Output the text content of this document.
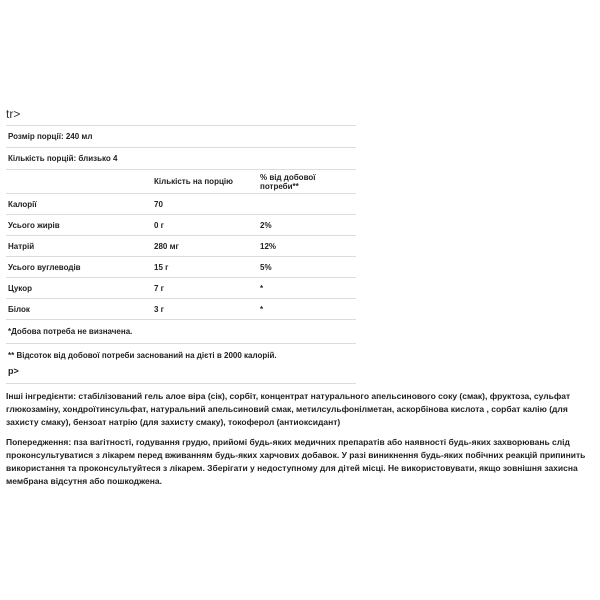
tr>
Розмір порції: 240 мл		
Кількість порцій: близько 4		
	Кількість на порцію	% від добової потреби**
Калорії	70	
Усього жирів	0 г	2%
Натрій	280 мг	12%
Усього вуглеводів	15 г	5%
Цукор	7 г	*
Білок	3 г	*
*Добова потреба не визначена.		
** Відсоток від добової потреби заснований на дієті в 2000 калорій.		
p>

Інші інгредієнти: стабілізований гель алое віра (сік), сорбіт, концентрат натурального апельсинового соку (смак), фруктоза, сульфат глюкозаміну, хондроїтинсульфат, натуральний апельсиновий смак, метилсульфонілметан, аскорбінова кислота , сорбат калію (для захисту смаку), бензоат натрію (для захисту смаку), токоферол (антиоксидант)

Попередження: пза вагітності, годування грудю, прийомі будь-яких медичних препаратів або наявності будь-яких захворювань слід проконсультуватися з лікарем перед вживанням будь-яких харчових добавок. У разі виникнення будь-яких побічних реакцій припинить використання та проконсультуйтеся з лікарем. Зберігати у недоступному для дітей місці. Не використовувати, якщо зовнішня захисна мембрана відсутня або пошкоджена.
